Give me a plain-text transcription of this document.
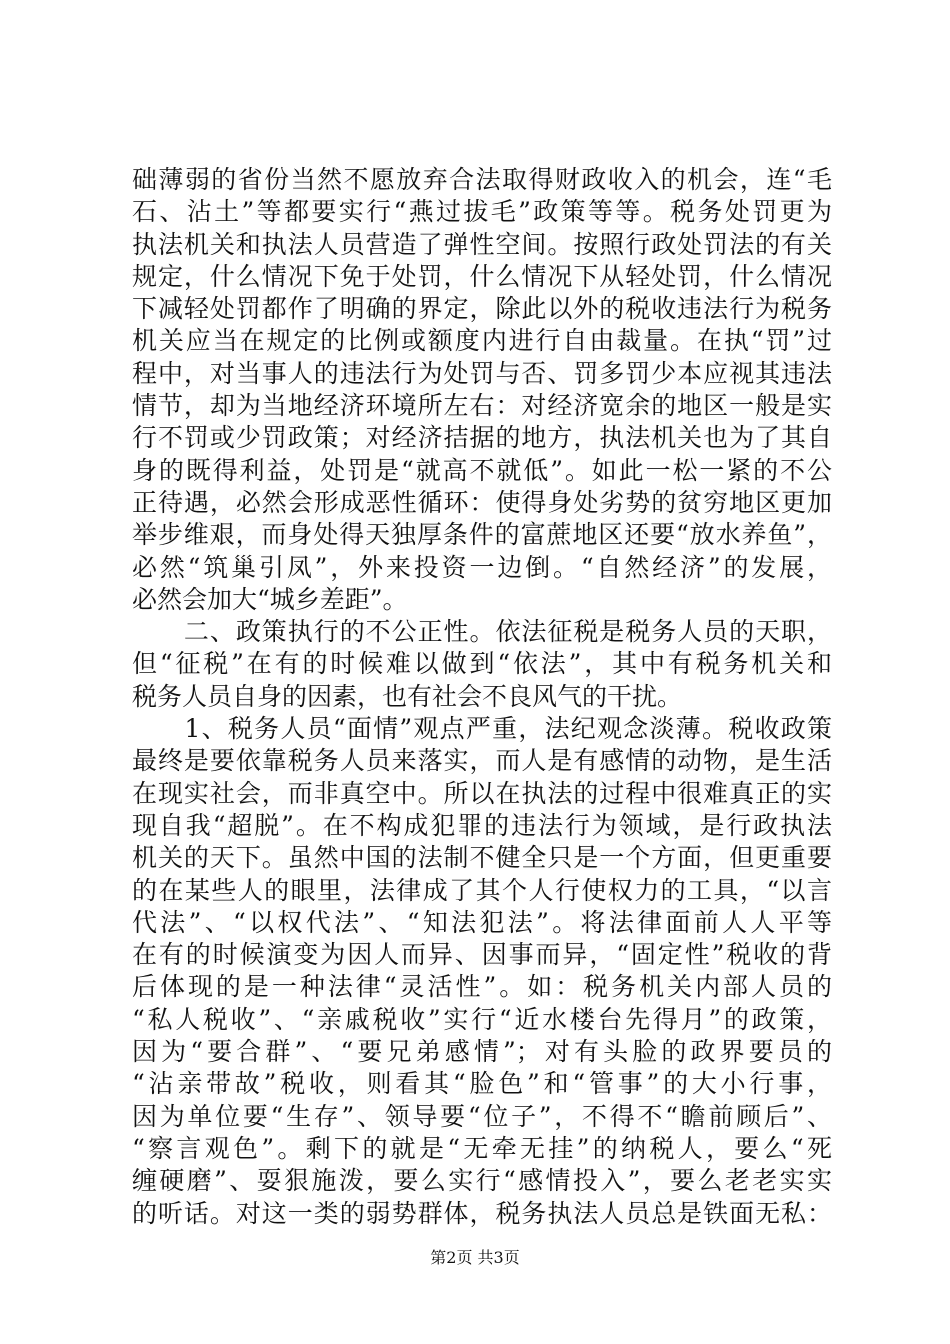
础薄弱的省份当然不愿放弃合法取得财政收入的机会，连“毛
石、沾土”等都要实行“燕过拔毛”政策等等。税务处罚更为
执法机关和执法人员营造了弹性空间。按照行政处罚法的有关
规定，什么情况下免于处罚，什么情况下从轻处罚，什么情况
下减轻处罚都作了明确的界定，除此以外的税收违法行为税务
机关应当在规定的比例或额度内进行自由裁量。在执“罚”过
程中，对当事人的违法行为处罚与否、罚多罚少本应视其违法
情节，却为当地经济环境所左右：对经济宽余的地区一般是实
行不罚或少罚政策；对经济拮据的地方，执法机关也为了其自
身的既得利益，处罚是“就高不就低”。如此一松一紧的不公
正待遇，必然会形成恶性循环：使得身处劣势的贫穷地区更加
举步维艰，而身处得天独厚条件的富蔗地区还要“放水养鱼”，
必然“筑巢引凤”，外来投资一边倒。“自然经济”的发展，
必然会加大“城乡差距”。
　　二、政策执行的不公正性。依法征税是税务人员的天职，
但“征税”在有的时候难以做到“依法”，其中有税务机关和
税务人员自身的因素，也有社会不良风气的干扰。
　　1、税务人员“面情”观点严重，法纪观念淡薄。税收政策
最终是要依靠税务人员来落实，而人是有感情的动物，是生活
在现实社会，而非真空中。所以在执法的过程中很难真正的实
现自我“超脱”。在不构成犯罪的违法行为领域，是行政执法
机关的天下。虽然中国的法制不健全只是一个方面，但更重要
的在某些人的眼里，法律成了其个人行使权力的工具，“以言
代法”、“以权代法”、“知法犯法”。将法律面前人人平等
在有的时候演变为因人而异、因事而异，“固定性”税收的背
后体现的是一种法律“灵活性”。如：税务机关内部人员的
“私人税收”、“亲戚税收”实行“近水楼台先得月”的政策，
因为“要合群”、“要兄弟感情”；对有头脸的政界要员的
“沾亲带故”税收，则看其“脸色”和“管事”的大小行事，
因为单位要“生存”、领导要“位子”，不得不“瞻前顾后”、
“察言观色”。剩下的就是“无牵无挂”的纳税人，要么“死
缠硬磨”、耍狠施泼，要么实行“感情投入”，要么老老实实
的听话。对这一类的弱势群体，税务执法人员总是铁面无私：
第2页 共3页
